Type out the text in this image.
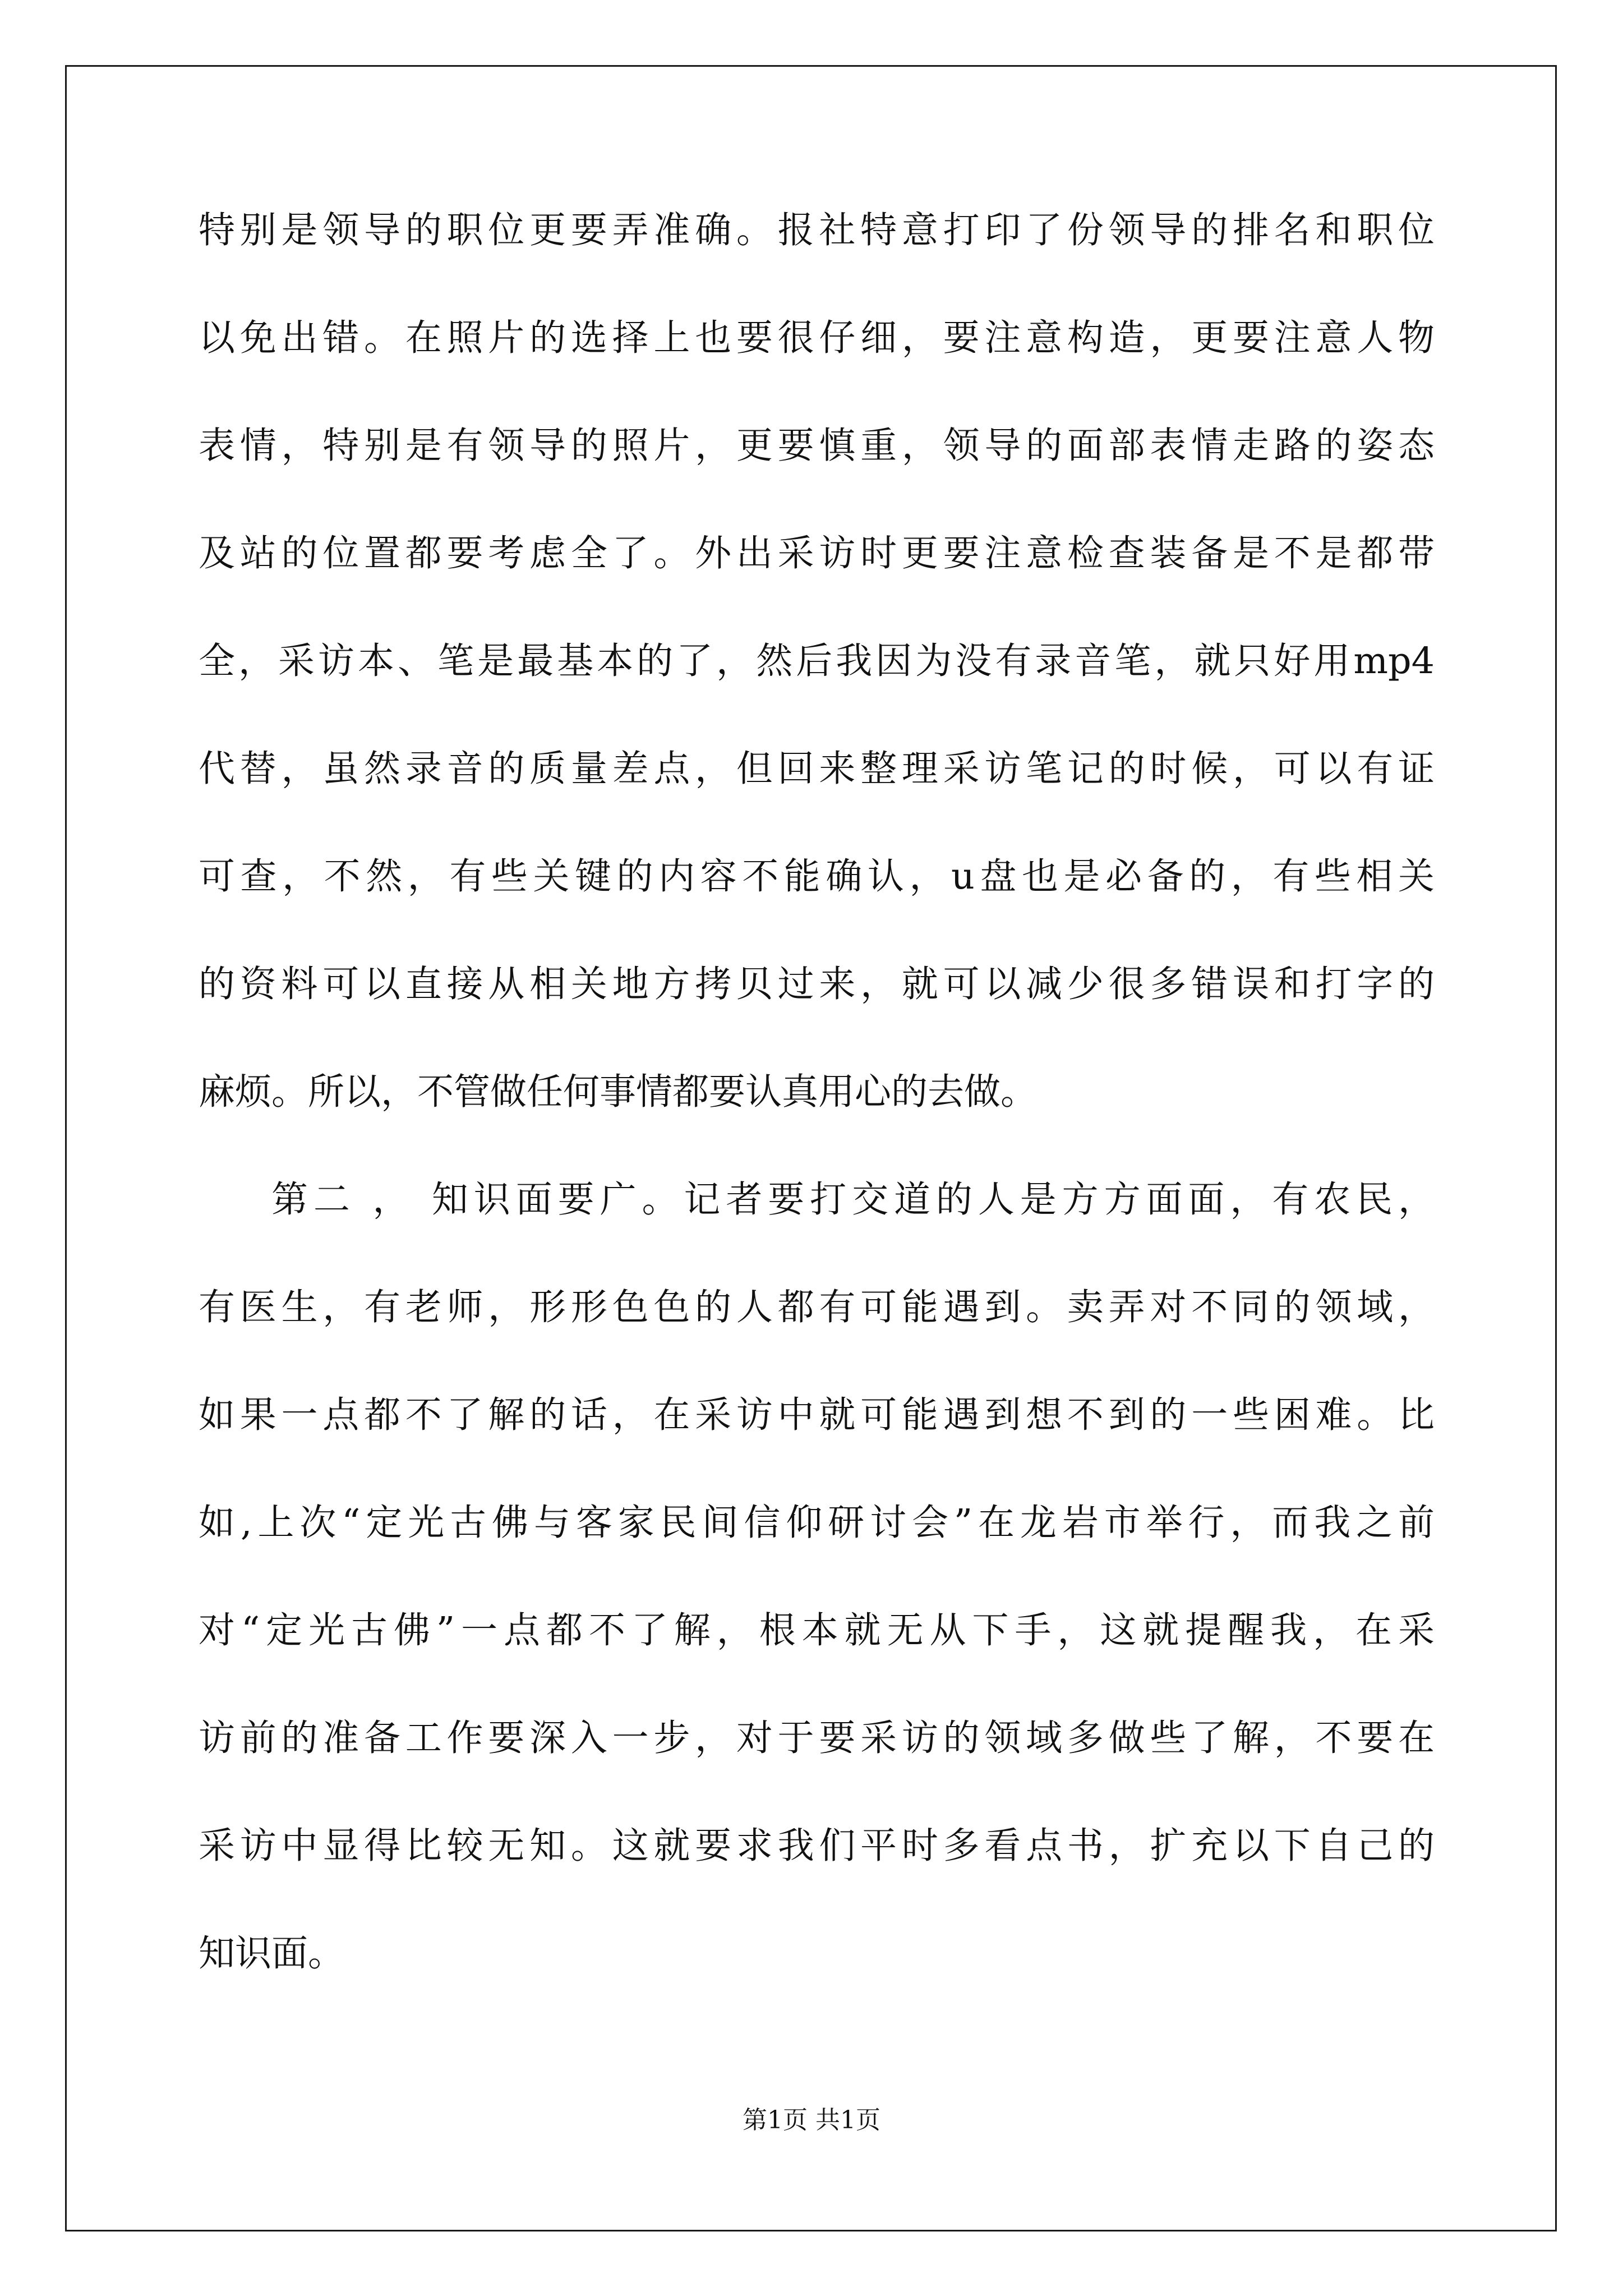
特别是领导的职位更要弄准确。报社特意打印了份领导的排名和职位
以免出错。在照片的选择上也要很仔细，要注意构造，更要注意人物
表情，特别是有领导的照片，更要慎重，领导的面部表情走路的姿态
及站的位置都要考虑全了。外出采访时更要注意检查装备是不是都带
全，采访本、笔是最基本的了，然后我因为没有录音笔，就只好用mp4
代替，虽然录音的质量差点，但回来整理采访笔记的时候，可以有证
可查，不然，有些关键的内容不能确认，u盘也是必备的，有些相关
的资料可以直接从相关地方拷贝过来，就可以减少很多错误和打字的
麻烦。所以，不管做任何事情都要认真用心的去做。
第二 ， 知识面要广。记者要打交道的人是方方面面，有农民，
有医生，有老师，形形色色的人都有可能遇到。卖弄对不同的领域，
如果一点都不了解的话，在采访中就可能遇到想不到的一些困难。比
如,上次“定光古佛与客家民间信仰研讨会”在龙岩市举行，而我之前
对“定光古佛”一点都不了解，根本就无从下手，这就提醒我，在采
访前的准备工作要深入一步，对于要采访的领域多做些了解，不要在
采访中显得比较无知。这就要求我们平时多看点书，扩充以下自己的
知识面。
第1页 共1页
